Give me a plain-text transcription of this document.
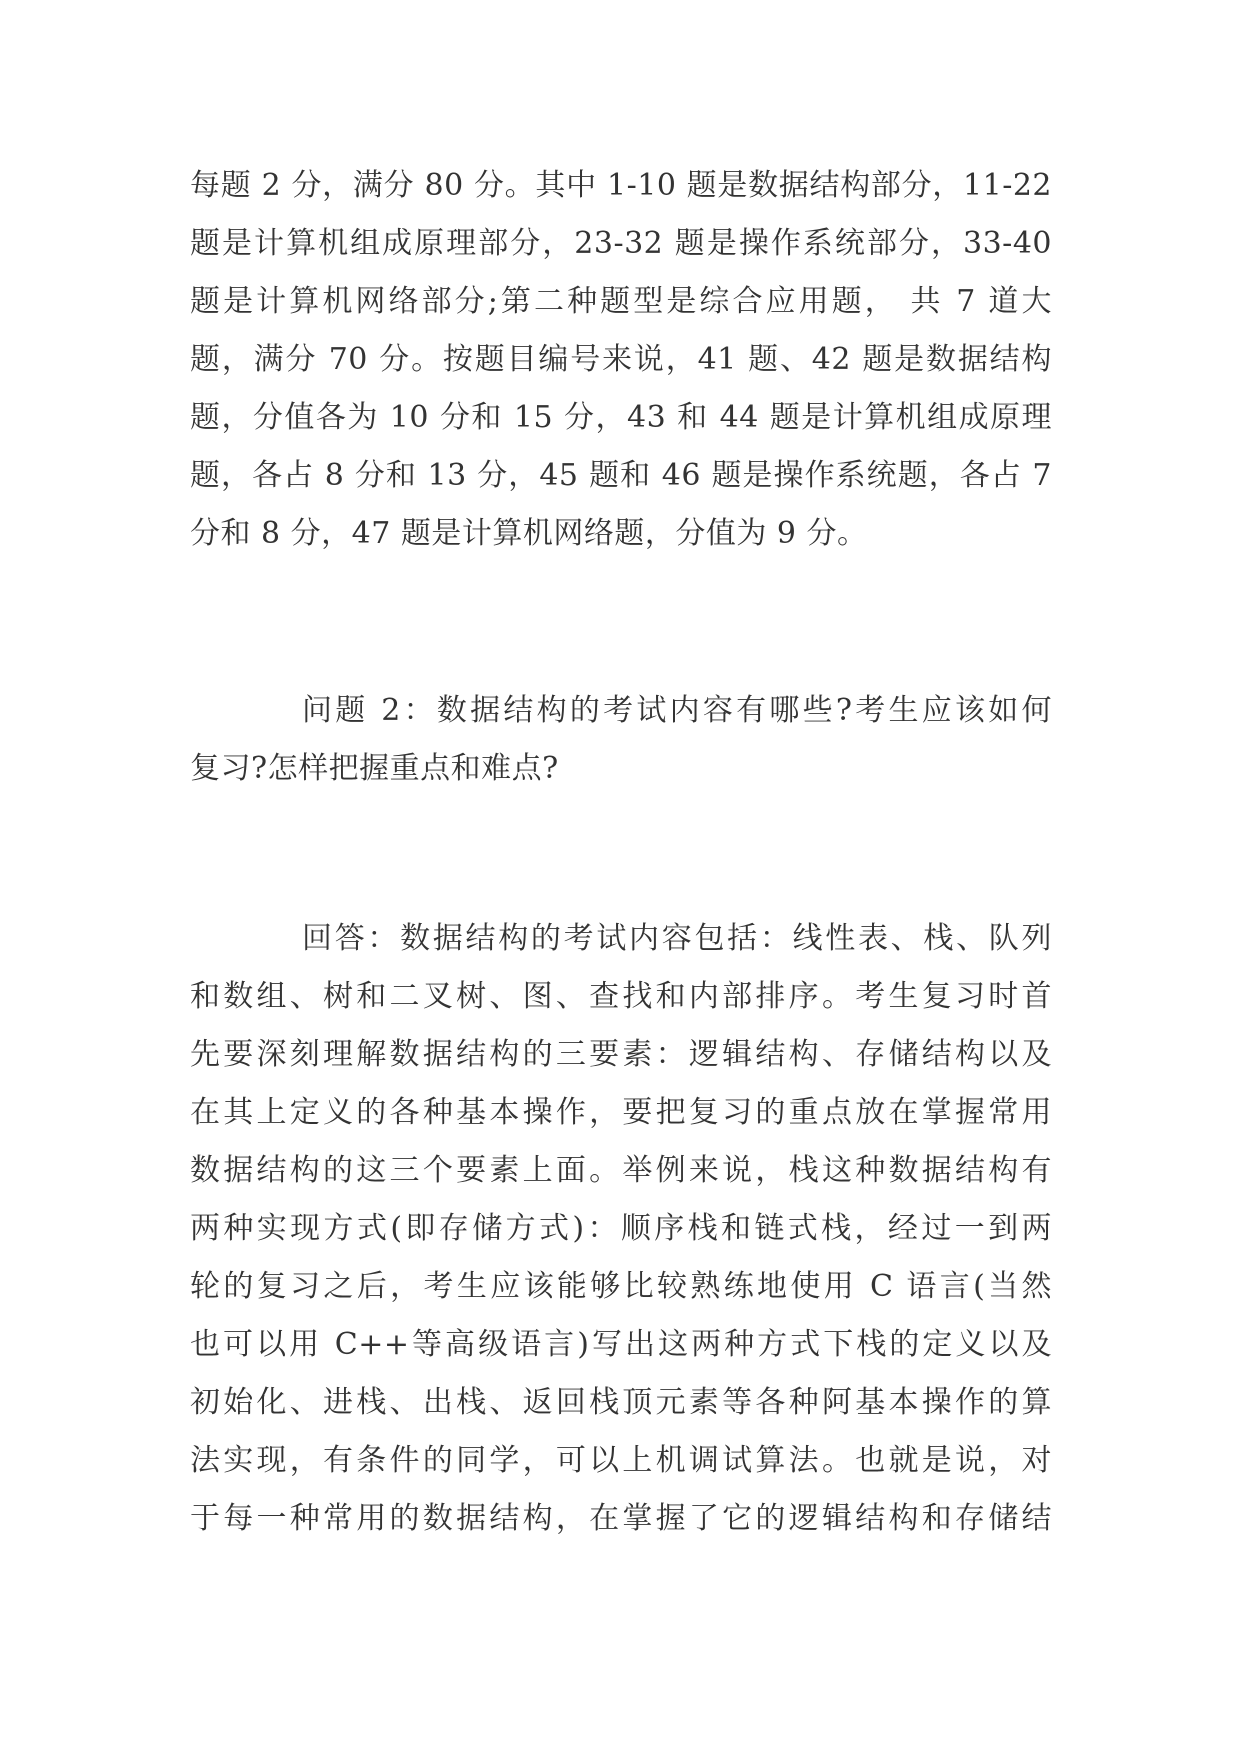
每题 2 分，满分 80 分。其中 1-10 题是数据结构部分，11-22
题是计算机组成原理部分，23-32 题是操作系统部分，33-40
题是计算机网络部分;第二种题型是综合应用题， 共 7 道大
题，满分 70 分。按题目编号来说，41 题、42 题是数据结构
题，分值各为 10 分和 15 分，43 和 44 题是计算机组成原理
题，各占 8 分和 13 分，45 题和 46 题是操作系统题，各占 7
分和 8 分，47 题是计算机网络题，分值为 9 分。
问题 2：数据结构的考试内容有哪些?考生应该如何
复习?怎样把握重点和难点?
回答：数据结构的考试内容包括：线性表、栈、队列
和数组、树和二叉树、图、查找和内部排序。考生复习时首
先要深刻理解数据结构的三要素：逻辑结构、存储结构以及
在其上定义的各种基本操作，要把复习的重点放在掌握常用
数据结构的这三个要素上面。举例来说，栈这种数据结构有
两种实现方式(即存储方式)：顺序栈和链式栈，经过一到两
轮的复习之后，考生应该能够比较熟练地使用 C 语言(当然
也可以用 C++等高级语言)写出这两种方式下栈的定义以及
初始化、进栈、出栈、返回栈顶元素等各种阿基本操作的算
法实现，有条件的同学，可以上机调试算法。也就是说，对
于每一种常用的数据结构，在掌握了它的逻辑结构和存储结
